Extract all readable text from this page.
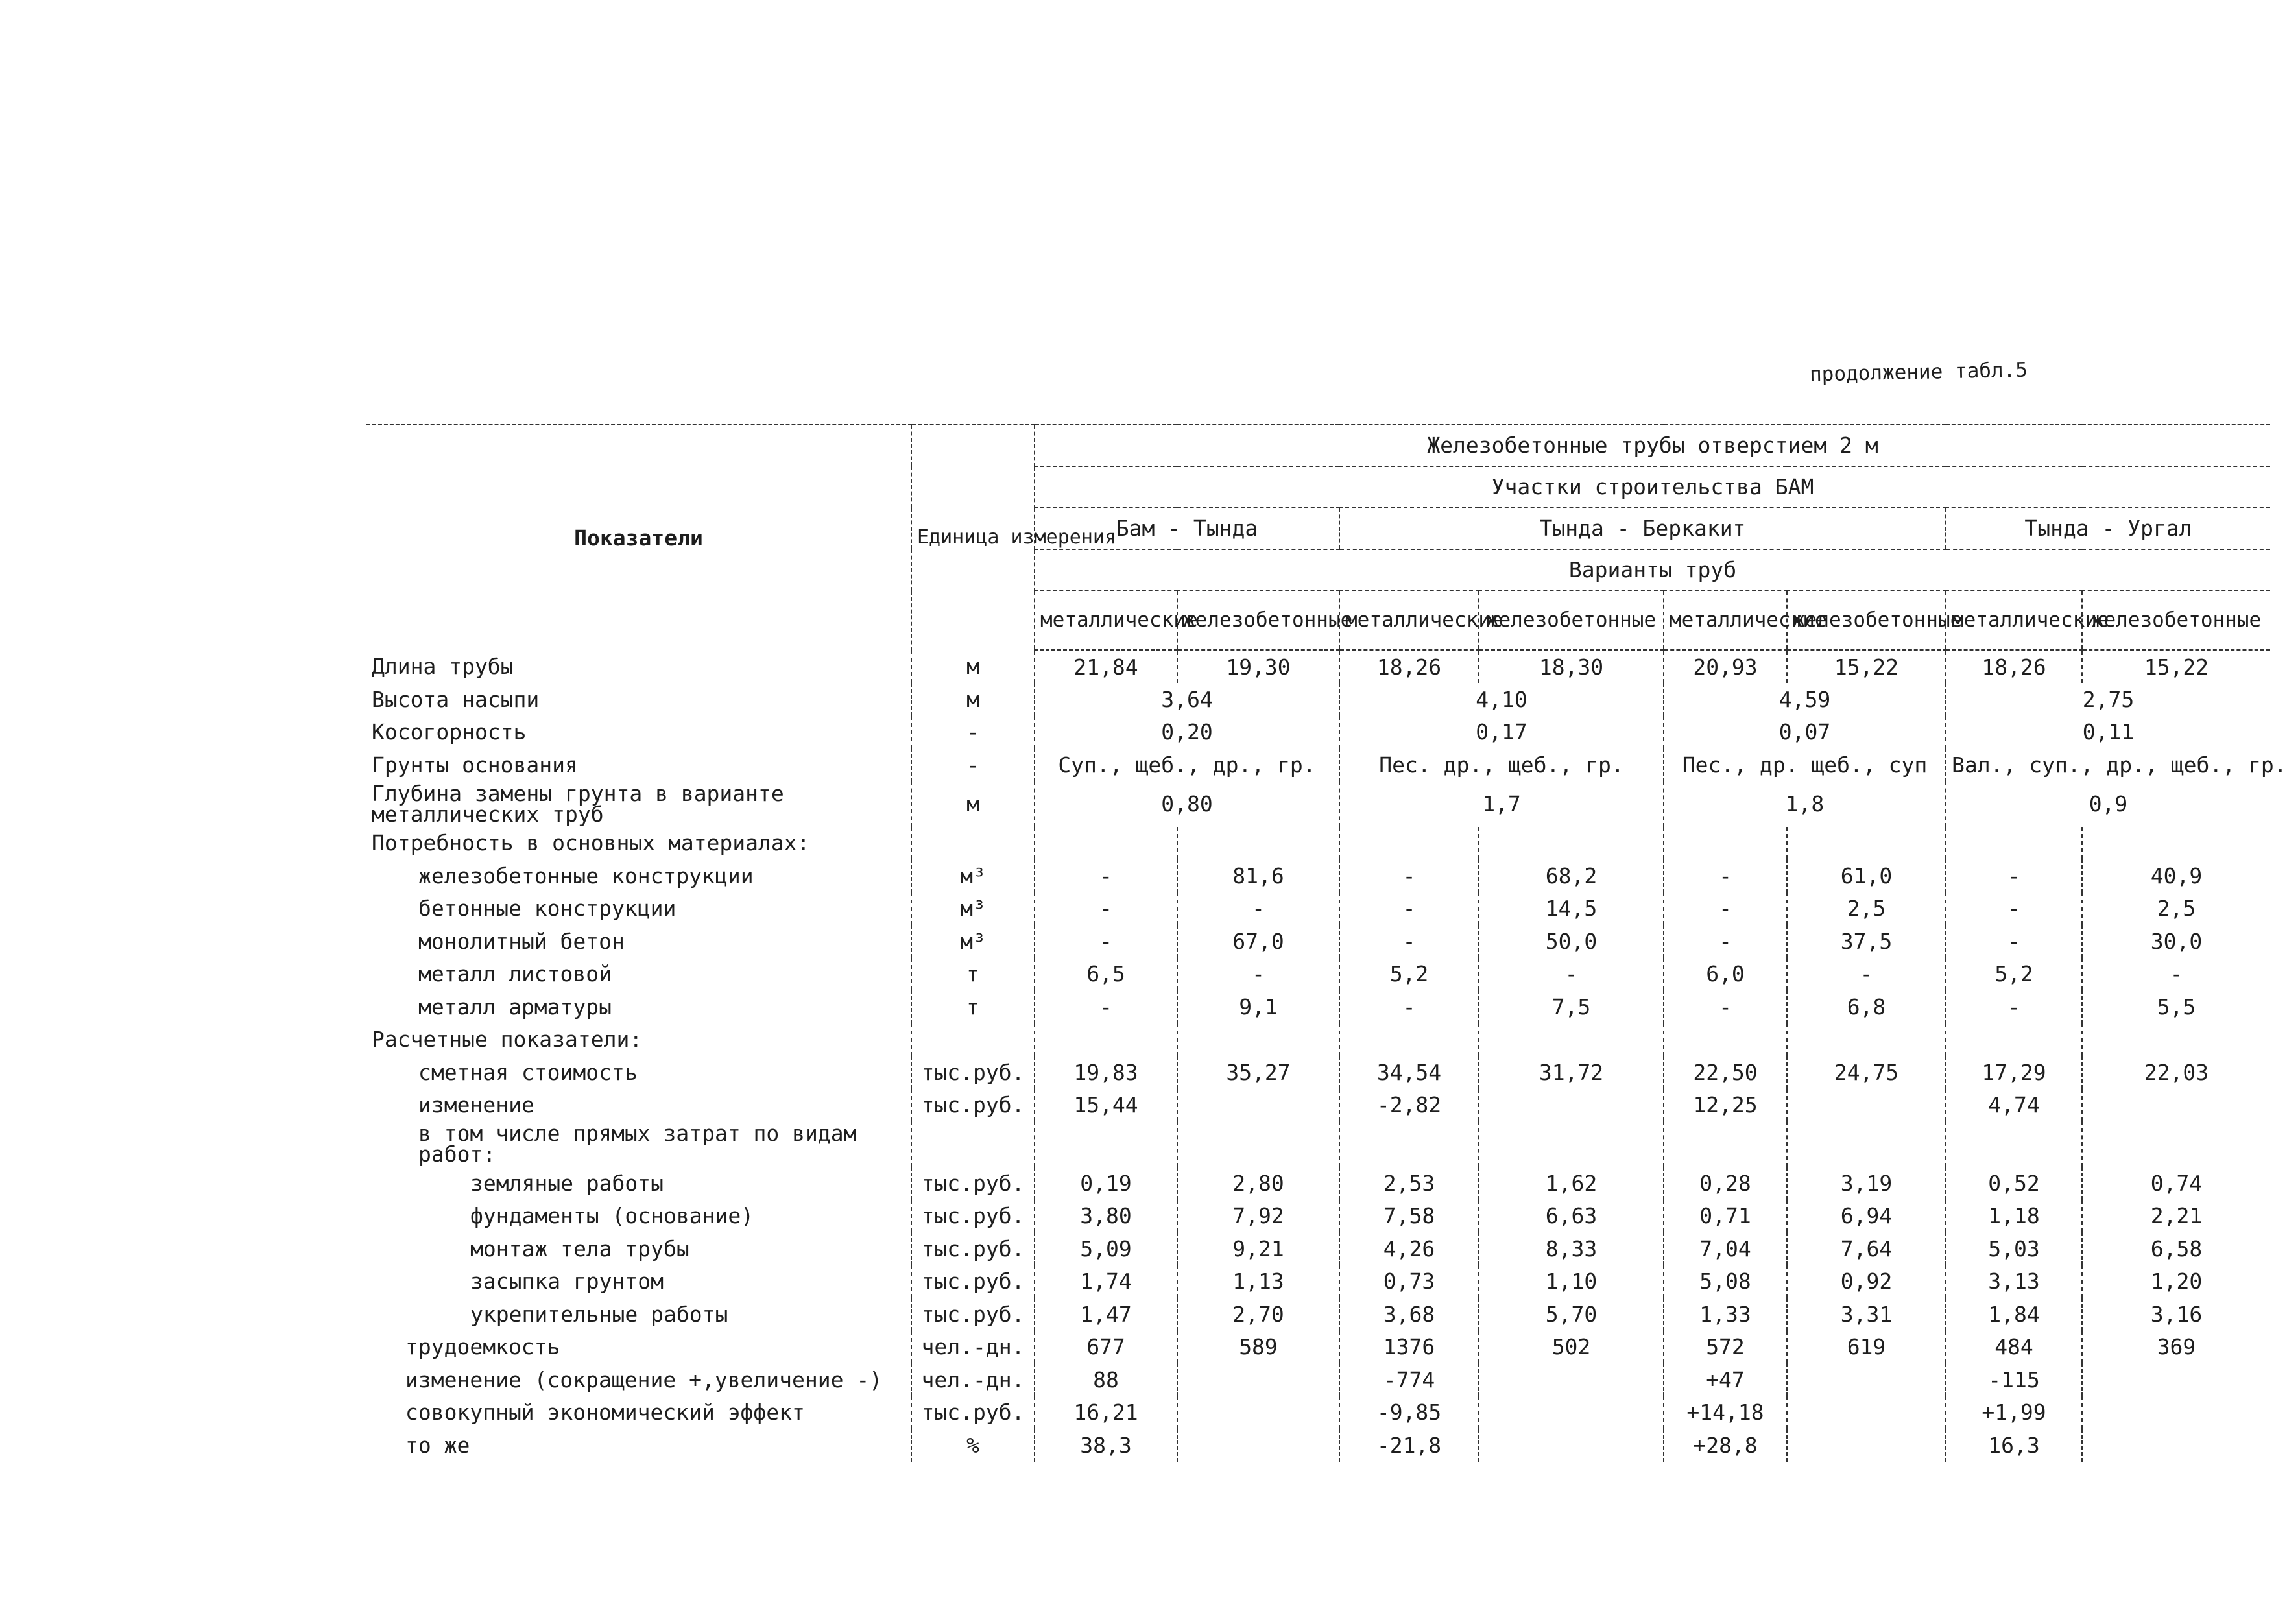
продолжение табл.5
Показатели	Единица измерения	Железобетонные трубы отверстием 2 м							
		Участки строительства БАМ							
		Бам - Тында		Тында - Беркакит				Тында - Ургал	
		Варианты труб							
		металлические	железобетонные	металлические	железобетонные	металлические	железобетонные	металлические	железобетонные
Длина трубы	м	21,84	19,30	18,26	18,30	20,93	15,22	18,26	15,22
Высота насыпи	м	3,64		4,10		4,59		2,75	
Косогорность	-	0,20		0,17		0,07		0,11	
Грунты основания	-	Суп., щеб., др., гр.		Пес. др., щеб., гр.		Пес., др. щеб., суп		Вал., суп., др., щеб., гр.	
Глубина замены грунта в варианте металлических труб	м	0,80		1,7		1,8		0,9	
Потребность в основных материалах:									
железобетонные конструкции	м³	-	81,6	-	68,2	-	61,0	-	40,9
бетонные конструкции	м³	-	-	-	14,5	-	2,5	-	2,5
монолитный бетон	м³	-	67,0	-	50,0	-	37,5	-	30,0
металл листовой	т	6,5	-	5,2	-	6,0	-	5,2	-
металл арматуры	т	-	9,1	-	7,5	-	6,8	-	5,5
Расчетные показатели:									
сметная стоимость	тыс.руб.	19,83	35,27	34,54	31,72	22,50	24,75	17,29	22,03
изменение	тыс.руб.	15,44		-2,82		12,25		4,74	
в том числе прямых затрат по видам работ:									
земляные работы	тыс.руб.	0,19	2,80	2,53	1,62	0,28	3,19	0,52	0,74
фундаменты (основание)	тыс.руб.	3,80	7,92	7,58	6,63	0,71	6,94	1,18	2,21
монтаж тела трубы	тыс.руб.	5,09	9,21	4,26	8,33	7,04	7,64	5,03	6,58
засыпка грунтом	тыс.руб.	1,74	1,13	0,73	1,10	5,08	0,92	3,13	1,20
укрепительные работы	тыс.руб.	1,47	2,70	3,68	5,70	1,33	3,31	1,84	3,16
трудоемкость	чел.-дн.	677	589	1376	502	572	619	484	369
изменение (сокращение +,увеличение -)	чел.-дн.	88		-774		+47		-115	
совокупный экономический эффект	тыс.руб.	16,21		-9,85		+14,18		+1,99	
то же	%	38,3		-21,8		+28,8		16,3	
